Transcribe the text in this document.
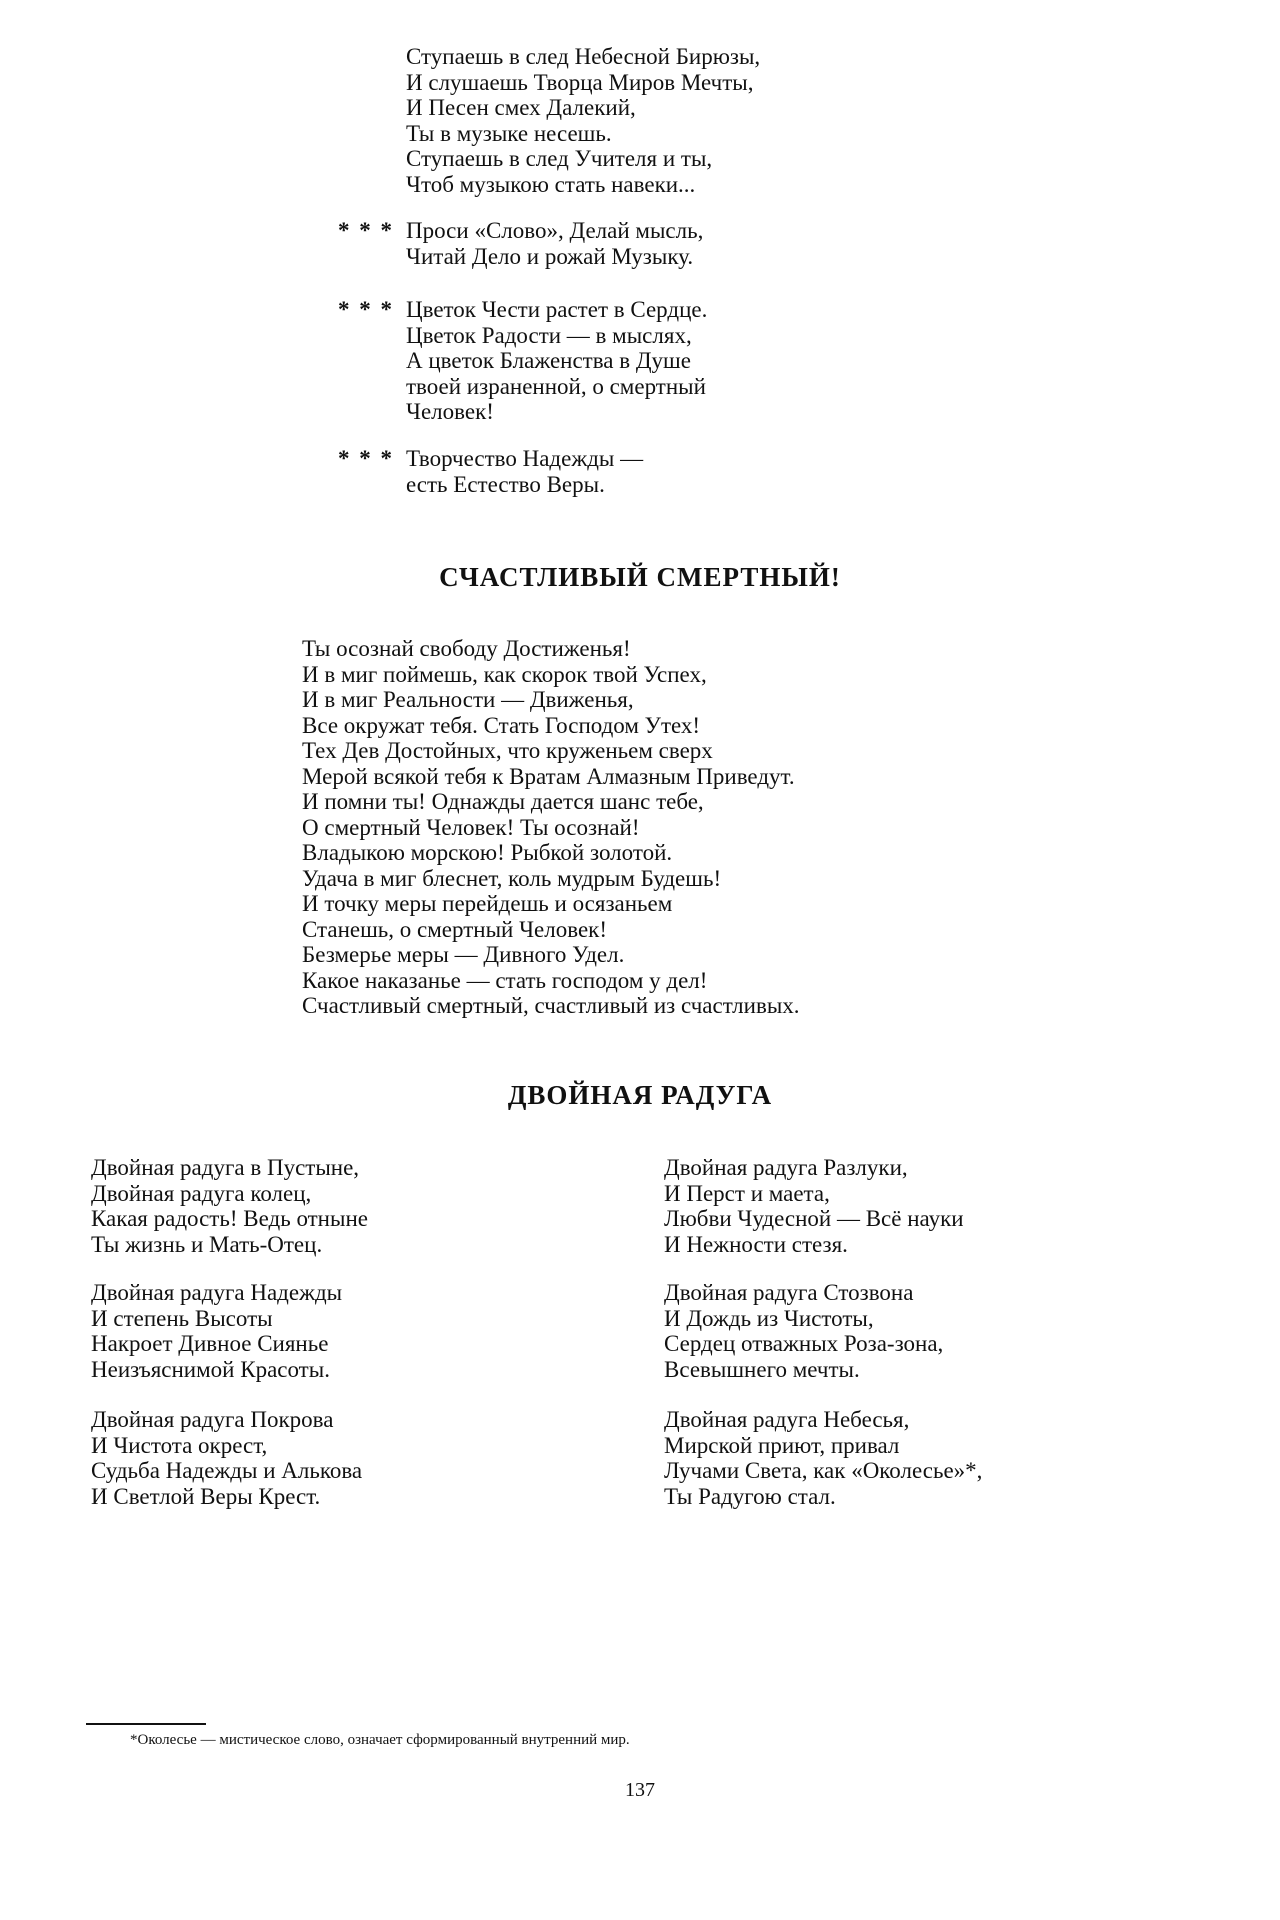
Ступаешь в след Небесной Бирюзы,
И слушаешь Творца Миров Мечты,
И Песен смех Далекий,
Ты в музыке несешь.
Ступаешь в след Учителя и ты,
Чтоб музыкою стать навеки...
* * * Проси «Слово», Делай мысль,
Читай Дело и рожай Музыку.
* * * Цветок Чести растет в Сердце.
Цветок Радости — в мыслях,
А цветок Блаженства в Душе
твоей израненной, о смертный
Человек!
* * * Творчество Надежды —
есть Естество Веры.
СЧАСТЛИВЫЙ СМЕРТНЫЙ!
Ты осознай свободу Достиженья!
И в миг поймешь, как скорок твой Успех,
И в миг Реальности — Движенья,
Все окружат тебя. Стать Господом Утех!
Тех Дев Достойных, что круженьем сверх
Мерой всякой тебя к Вратам Алмазным Приведут.
И помни ты! Однажды дается шанс тебе,
О смертный Человек! Ты осознай!
Владыкою морскою! Рыбкой золотой.
Удача в миг блеснет, коль мудрым Будешь!
И точку меры перейдешь и осязаньем
Станешь, о смертный Человек!
Безмерье меры — Дивного Удел.
Какое наказанье — стать господом у дел!
Счастливый смертный, счастливый из счастливых.
ДВОЙНАЯ РАДУГА
Двойная радуга в Пустыне,
Двойная радуга колец,
Какая радость! Ведь отныне
Ты жизнь и Мать-Отец.
Двойная радуга Надежды
И степень Высоты
Накроет Дивное Сиянье
Неизъяснимой Красоты.
Двойная радуга Покрова
И Чистота окрест,
Судьба Надежды и Алькова
И Светлой Веры Крест.
Двойная радуга Разлуки,
И Перст и маета,
Любви Чудесной — Всё науки
И Нежности стезя.
Двойная радуга Стозвона
И Дождь из Чистоты,
Сердец отважных Роза-зона,
Всевышнего мечты.
Двойная радуга Небесья,
Мирской приют, привал
Лучами Света, как «Околесье»*,
Ты Радугою стал.
*Околесье — мистическое слово, означает сформированный внутренний мир.
137
